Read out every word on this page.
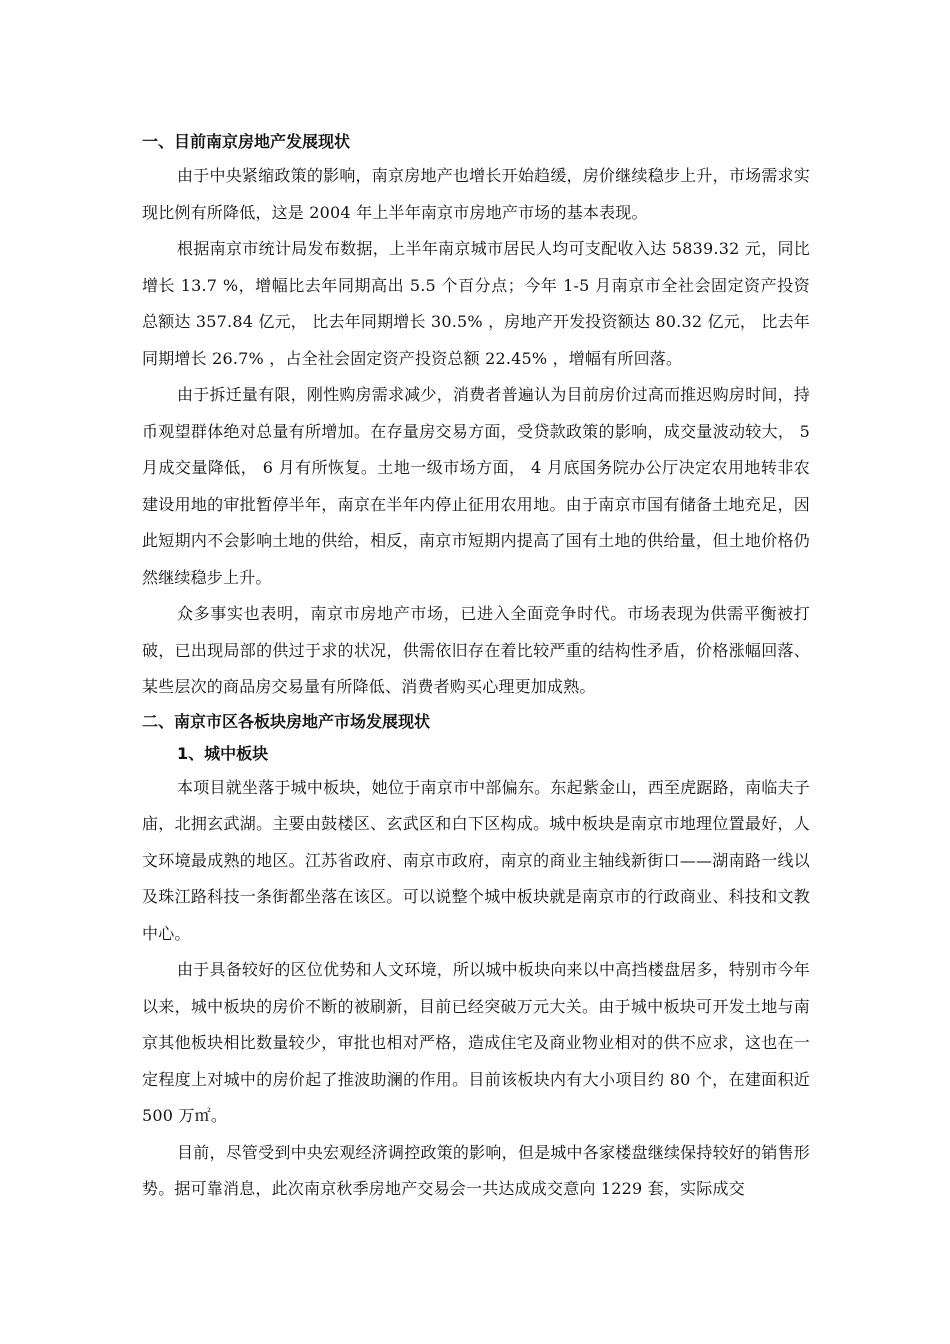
一、目前南京房地产发展现状

由于中央紧缩政策的影响，南京房地产也增长开始趋缓，房价继续稳步上升，市场需求实现比例有所降低，这是 2004 年上半年南京市房地产市场的基本表现。

根据南京市统计局发布数据，上半年南京城市居民人均可支配收入达 5839.32 元，同比增长 13.7 %，增幅比去年同期高出 5.5 个百分点；今年 1-5 月南京市全社会固定资产投资总额达 357.84 亿元， 比去年同期增长 30.5% ，房地产开发投资额达 80.32 亿元， 比去年同期增长 26.7% ，占全社会固定资产投资总额 22.45% ，增幅有所回落。

由于拆迁量有限，刚性购房需求减少，消费者普遍认为目前房价过高而推迟购房时间，持币观望群体绝对总量有所增加。在存量房交易方面，受贷款政策的影响，成交量波动较大， 5 月成交量降低， 6 月有所恢复。土地一级市场方面， 4 月底国务院办公厅决定农用地转非农建设用地的审批暂停半年，南京在半年内停止征用农用地。由于南京市国有储备土地充足，因此短期内不会影响土地的供给，相反，南京市短期内提高了国有土地的供给量，但土地价格仍然继续稳步上升。

众多事实也表明，南京市房地产市场，已进入全面竞争时代。市场表现为供需平衡被打破，已出现局部的供过于求的状况，供需依旧存在着比较严重的结构性矛盾，价格涨幅回落、某些层次的商品房交易量有所降低、消费者购买心理更加成熟。

二、南京市区各板块房地产市场发展现状
1、城中板块

本项目就坐落于城中板块，她位于南京市中部偏东。东起紫金山，西至虎踞路，南临夫子庙，北拥玄武湖。主要由鼓楼区、玄武区和白下区构成。城中板块是南京市地理位置最好，人文环境最成熟的地区。江苏省政府、南京市政府，南京的商业主轴线新街口——湖南路一线以及珠江路科技一条街都坐落在该区。可以说整个城中板块就是南京市的行政商业、科技和文教中心。

由于具备较好的区位优势和人文环境，所以城中板块向来以中高挡楼盘居多，特别市今年以来，城中板块的房价不断的被刷新，目前已经突破万元大关。由于城中板块可开发土地与南京其他板块相比数量较少，审批也相对严格，造成住宅及商业物业相对的供不应求，这也在一定程度上对城中的房价起了推波助澜的作用。目前该板块内有大小项目约 80 个，在建面积近 500 万㎡。

目前，尽管受到中央宏观经济调控政策的影响，但是城中各家楼盘继续保持较好的销售形势。据可靠消息，此次南京秋季房地产交易会一共达成成交意向 1229 套，实际成交
